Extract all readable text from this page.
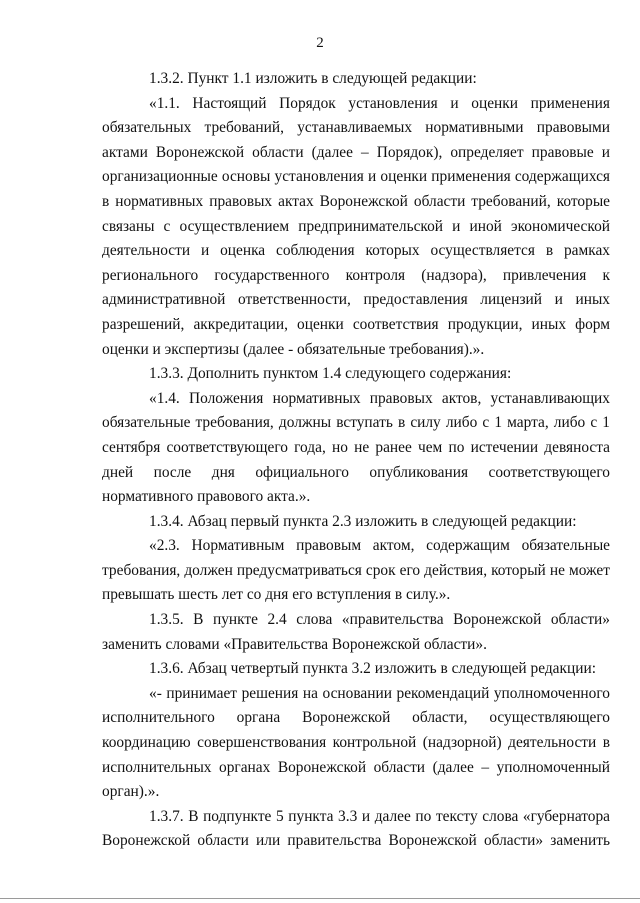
2

1.3.2. Пункт 1.1 изложить в следующей редакции:

«1.1. Настоящий Порядок установления и оценки применения обязательных требований, устанавливаемых нормативными правовыми актами Воронежской области (далее – Порядок), определяет правовые и организационные основы установления и оценки применения содержащихся в нормативных правовых актах Воронежской области требований, которые связаны с осуществлением предпринимательской и иной экономической деятельности и оценка соблюдения которых осуществляется в рамках регионального государственного контроля (надзора), привлечения к административной ответственности, предоставления лицензий и иных разрешений, аккредитации, оценки соответствия продукции, иных форм оценки и экспертизы (далее - обязательные требования).».

1.3.3. Дополнить пунктом 1.4 следующего содержания:

«1.4. Положения нормативных правовых актов, устанавливающих обязательные требования, должны вступать в силу либо с 1 марта, либо с 1 сентября соответствующего года, но не ранее чем по истечении девяноста дней после дня официального опубликования соответствующего нормативного правового акта.».

1.3.4. Абзац первый пункта 2.3 изложить в следующей редакции:

«2.3. Нормативным правовым актом, содержащим обязательные требования, должен предусматриваться срок его действия, который не может превышать шесть лет со дня его вступления в силу.».

1.3.5. В пункте 2.4 слова «правительства Воронежской области» заменить словами «Правительства Воронежской области».

1.3.6. Абзац четвертый пункта 3.2 изложить в следующей редакции:

«- принимает решения на основании рекомендаций уполномоченного исполнительного органа Воронежской области, осуществляющего координацию совершенствования контрольной (надзорной) деятельности в исполнительных органах Воронежской области (далее – уполномоченный орган).».

1.3.7. В подпункте 5 пункта 3.3 и далее по тексту слова «губернатора Воронежской области или правительства Воронежской области» заменить
